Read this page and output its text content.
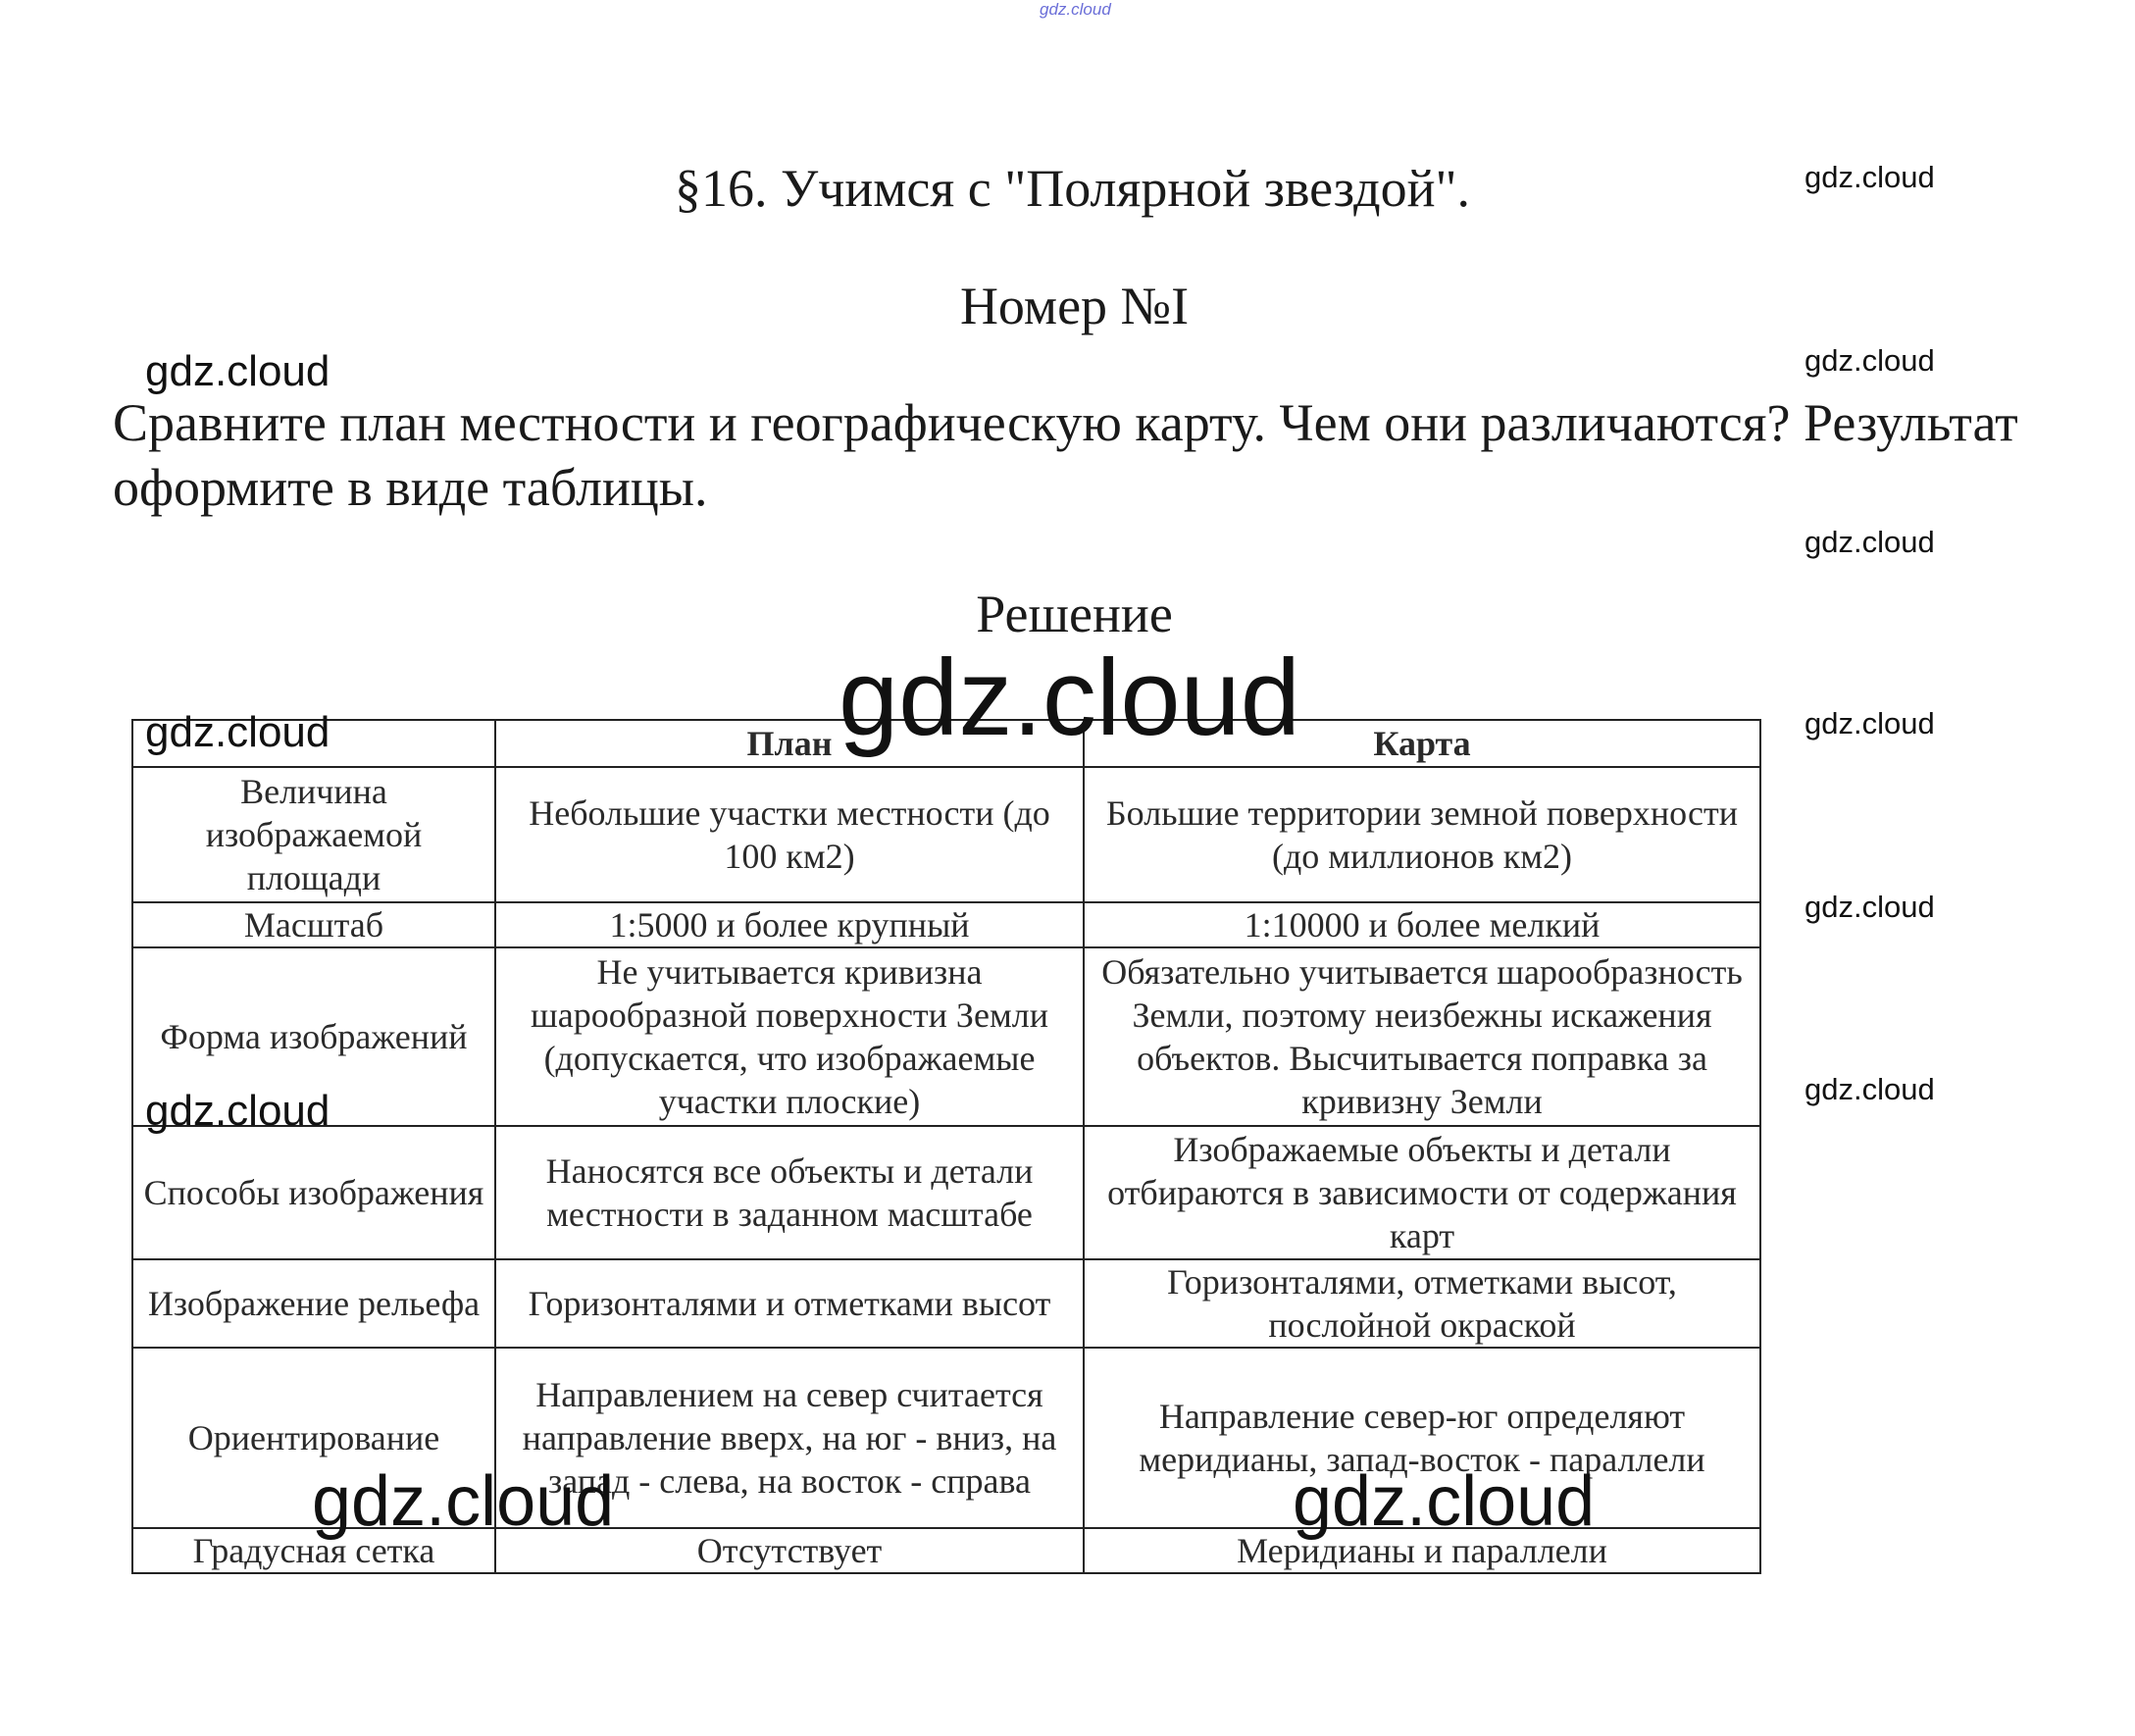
gdz.cloud
§16. Учимся с "Полярной звездой".
Номер №I
Сравните план местности и географическую карту. Чем они различаются? Результат оформите в виде таблицы.
Решение
	План	Карта
Величина изображаемой площади	Небольшие участки местности (до 100 км2)	Большие территории земной поверхности (до миллионов км2)
Масштаб	1:5000 и более крупный	1:10000 и более мелкий
Форма изображений	Не учитывается кривизна шарообразной поверхности Земли (допускается, что изображаемые участки плоские)	Обязательно учитывается шарообразность Земли, поэтому неизбежны искажения объектов. Высчитывается поправка за кривизну Земли
Способы изображения	Наносятся все объекты и детали местности в заданном масштабе	Изображаемые объекты и детали отбираются в зависимости от содержания карт
Изображение рельефа	Горизонталями и отметками высот	Горизонталями, отметками высот, послойной окраской
Ориентирование	Направлением на север считается направление вверх, на юг - вниз, на запад - слева, на восток - справа	Направление север-юг определяют меридианы, запад-восток - параллели
Градусная сетка	Отсутствует	Меридианы и параллели
gdz.cloud
gdz.cloud
gdz.cloud
gdz.cloud
gdz.cloud
gdz.cloud
gdz.cloud
gdz.cloud
gdz.cloud
gdz.cloud
gdz.cloud	gdz.cloud
